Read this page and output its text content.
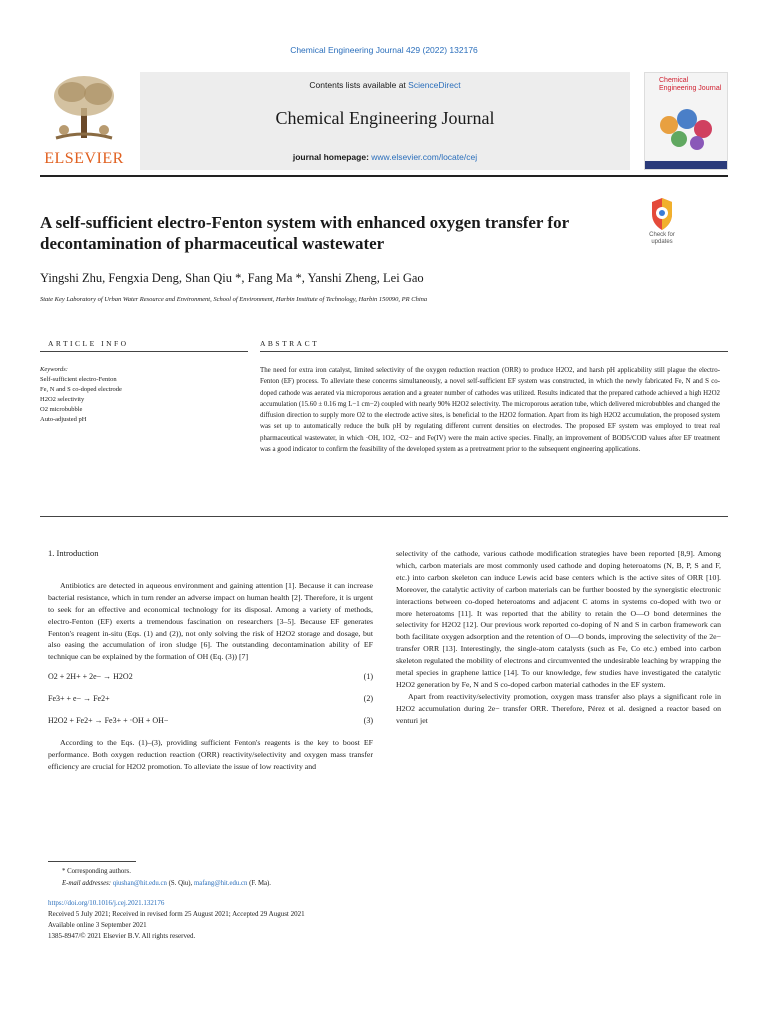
Chemical Engineering Journal 429 (2022) 132176
ELSEVIER
Contents lists available at ScienceDirect
Chemical Engineering Journal
journal homepage: www.elsevier.com/locate/cej
Chemical Engineering Journal
A self-sufficient electro-Fenton system with enhanced oxygen transfer for decontamination of pharmaceutical wastewater	Check for updates
Yingshi Zhu, Fengxia Deng, Shan Qiu *, Fang Ma *, Yanshi Zheng, Lei Gao
State Key Laboratory of Urban Water Resource and Environment, School of Environment, Harbin Institute of Technology, Harbin 150090, PR China
ARTICLE INFO	ABSTRACT
Keywords:
Self-sufficient electro-Fenton
Fe, N and S co-doped electrode
H2O2 selectivity
O2 microbubble
Auto-adjusted pH

The need for extra iron catalyst, limited selectivity of the oxygen reduction reaction (ORR) to produce H2O2, and harsh pH applicability still plague the electro-Fenton (EF) process. To alleviate these concerns simultaneously, a novel self-sufficient EF system was constructed, in which the newly fabricated Fe, N and S co-doped cathode was aerated via microporous aeration and a greater number of cathodes was utilized. Results indicated that the prepared cathode achieved a high H2O2 accumulation (15.60 ± 0.16 mg L−1 cm−2) coupled with nearly 90% H2O2 selectivity. The microporous aeration tube, which delivered microbubbles and changed the diffusion direction to supply more O2 to the electrode active sites, is beneficial to the H2O2 formation. Apart from its high H2O2 accumulation, the proposed system was set up to automatically reduce the bulk pH by regulating different current densities on electrodes. The proposed EF system was employed to treat real pharmaceutical wastewater, in which ·OH, 1O2, ·O2− and Fe(IV) were the main active species. Finally, an improvement of BOD5/COD values after EF treatment was a good indicator to confirm the feasibility of the developed system as a pretreatment prior to the subsequent engineering applications.

1. Introduction

Antibiotics are detected in aqueous environment and gaining attention [1]. Because it can increase bacterial resistance, which in turn render an adverse impact on human health [2]. Therefore, it is urgent to seek for an effective and economical technology for its disposal. Among a variety of methods, electro-Fenton (EF) exerts a tremendous fascination on researchers [3–5]. Because EF generates Fenton's reagent in-situ (Eqs. (1) and (2)), not only solving the risk of H2O2 storage and dosage, but also easing the accumulation of iron sludge [6]. The outstanding decontamination ability of EF technique can be explained by the formation of OH (Eq. (3)) [7]

O2 + 2H+ + 2e− → H2O2	(1)
Fe3+ + e− → Fe2+	(2)
H2O2 + Fe2+ → Fe3+ + ·OH + OH−	(3)

According to the Eqs. (1)–(3), providing sufficient Fenton's reagents is the key to boost EF performance. Both oxygen reduction reaction (ORR) reactivity/selectivity and oxygen mass transfer efficiency are crucial for H2O2 promotion. To alleviate the issue of low reactivity and

selectivity of the cathode, various cathode modification strategies have been reported [8,9]. Among which, carbon materials are most commonly used cathode and doping heteroatoms (N, B, P, S and F, etc.) into carbon skeleton can induce Lewis acid base centers which is the active sites of ORR [10]. Moreover, the catalytic activity of carbon materials can be further boosted by the synergistic electronic interactions between co-doped heteroatoms and adjacent C atoms in systems co-doped with two or more heteroatoms [11]. It was reported that the ability to retain the O—O bond determines the selectivity for H2O2 [12]. Our previous work reported co-doping of N and S in carbon framework can both facilitate oxygen adsorption and the retention of O—O bonds, improving the selectivity of the 2e− transfer ORR [13]. Interestingly, the single-atom catalysts (such as Fe, Co etc.) embed into carbon skeleton regulated the mobility of electrons and circumvented the undesirable leaching by wrapping the metal species in graphene lattice [14]. To our knowledge, few studies have investigated the catalytic H2O2 generation by Fe, N and S co-doped carbon material cathodes in the EF system.

Apart from reactivity/selectivity promotion, oxygen mass transfer also plays a significant role in H2O2 accumulation during 2e− transfer ORR. Therefore, Pérez et al. designed a reactor based on venturi jet

* Corresponding authors.
E-mail addresses: qiushan@hit.edu.cn (S. Qiu), mafang@hit.edu.cn (F. Ma).
https://doi.org/10.1016/j.cej.2021.132176
Received 5 July 2021; Received in revised form 25 August 2021; Accepted 29 August 2021
Available online 3 September 2021
1385-8947/© 2021 Elsevier B.V. All rights reserved.
